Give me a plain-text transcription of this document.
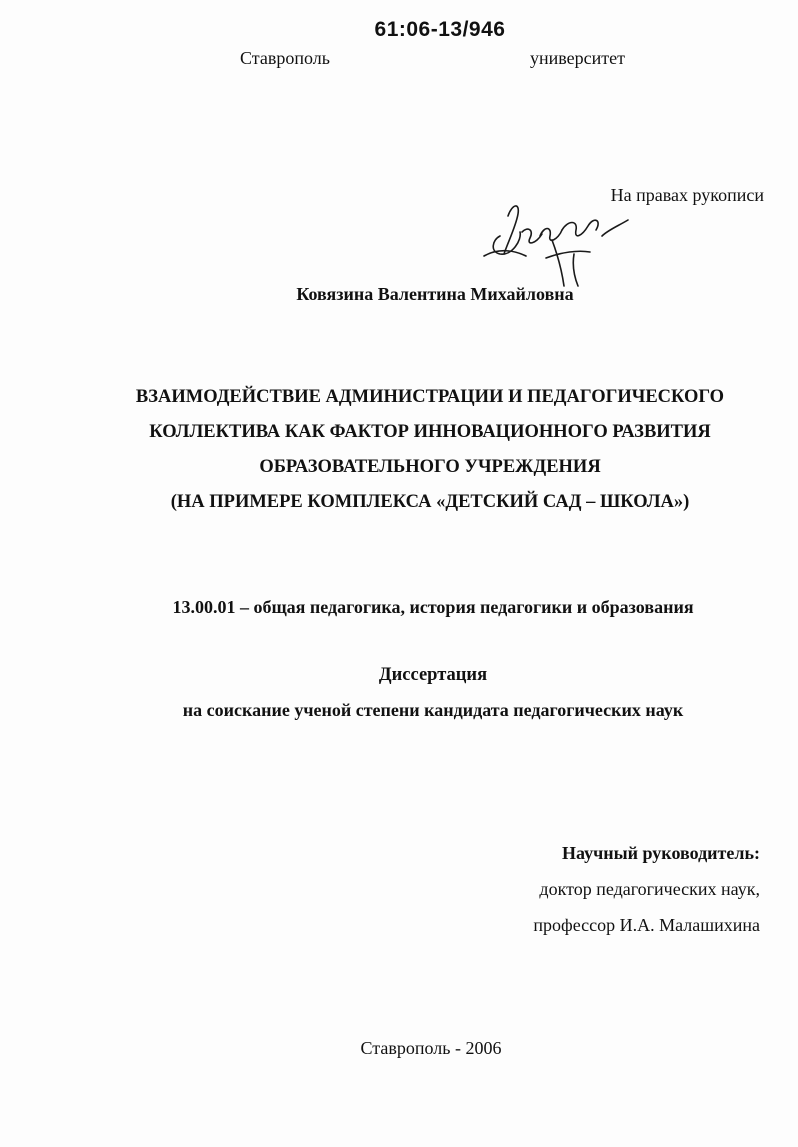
61:06-13/946
Ставрополь	университет
На правах рукописи
Ковязина Валентина Михайловна
ВЗАИМОДЕЙСТВИЕ АДМИНИСТРАЦИИ И ПЕДАГОГИЧЕСКОГО
КОЛЛЕКТИВА КАК ФАКТОР ИННОВАЦИОННОГО РАЗВИТИЯ
ОБРАЗОВАТЕЛЬНОГО УЧРЕЖДЕНИЯ
(НА ПРИМЕРЕ КОМПЛЕКСА «ДЕТСКИЙ САД – ШКОЛА»)
13.00.01 – общая педагогика, история педагогики и образования
Диссертация
на соискание ученой степени кандидата педагогических наук
Научный руководитель:
доктор педагогических наук,
профессор И.А. Малашихина
Ставрополь - 2006
